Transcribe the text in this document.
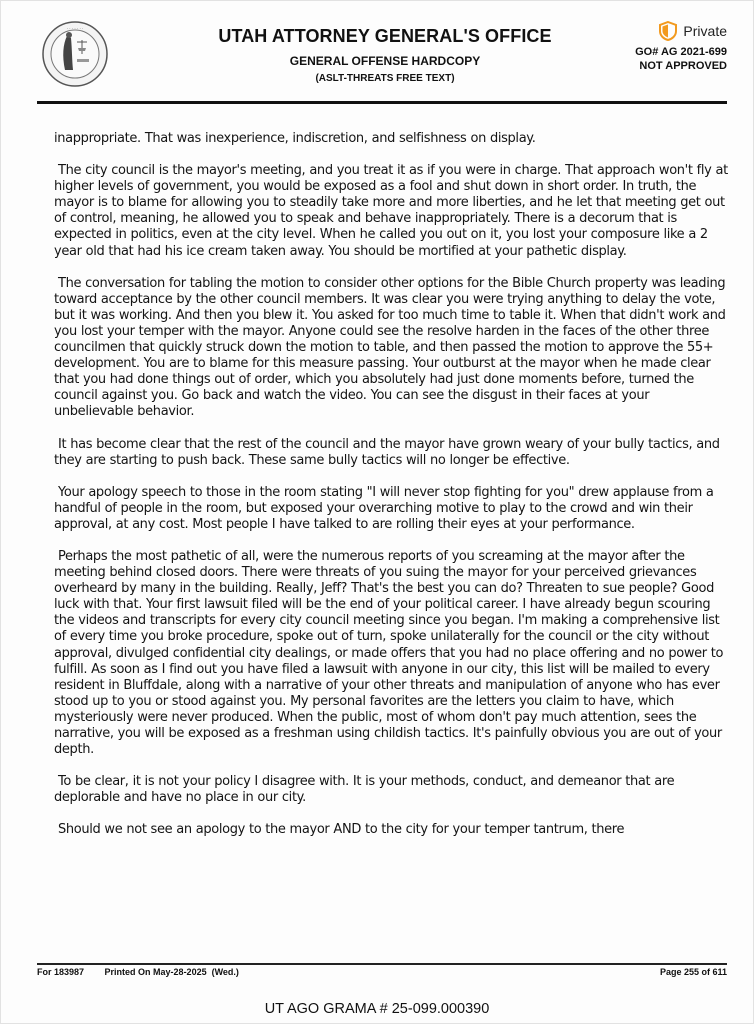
· · · · · · ·	UTAH ATTORNEY GENERAL'S OFFICE
GENERAL OFFENSE HARDCOPY
(ASLT-THREATS FREE TEXT)
Private
GO# AG 2021-699
NOT APPROVED

inappropriate. That was inexperience, indiscretion, and selfishness on display.

The city council is the mayor's meeting, and you treat it as if you were in charge. That approach won't fly at higher levels of government, you would be exposed as a fool and shut down in short order. In truth, the mayor is to blame for allowing you to steadily take more and more liberties, and he let that meeting get out of control, meaning, he allowed you to speak and behave inappropriately. There is a decorum that is expected in politics, even at the city level. When he called you out on it, you lost your composure like a 2 year old that had his ice cream taken away. You should be mortified at your pathetic display.

The conversation for tabling the motion to consider other options for the Bible Church property was leading toward acceptance by the other council members. It was clear you were trying anything to delay the vote, but it was working. And then you blew it. You asked for too much time to table it. When that didn't work and you lost your temper with the mayor. Anyone could see the resolve harden in the faces of the other three councilmen that quickly struck down the motion to table, and then passed the motion to approve the 55+ development. You are to blame for this measure passing. Your outburst at the mayor when he made clear that you had done things out of order, which you absolutely had just done moments before, turned the council against you. Go back and watch the video. You can see the disgust in their faces at your unbelievable behavior.

It has become clear that the rest of the council and the mayor have grown weary of your bully tactics, and they are starting to push back. These same bully tactics will no longer be effective.

Your apology speech to those in the room stating "I will never stop fighting for you" drew applause from a handful of people in the room, but exposed your overarching motive to play to the crowd and win their approval, at any cost. Most people I have talked to are rolling their eyes at your performance.

Perhaps the most pathetic of all, were the numerous reports of you screaming at the mayor after the meeting behind closed doors. There were threats of you suing the mayor for your perceived grievances overheard by many in the building. Really, Jeff? That's the best you can do? Threaten to sue people? Good luck with that. Your first lawsuit filed will be the end of your political career. I have already begun scouring the videos and transcripts for every city council meeting since you began. I'm making a comprehensive list of every time you broke procedure, spoke out of turn, spoke unilaterally for the council or the city without approval, divulged confidential city dealings, or made offers that you had no place offering and no power to fulfill. As soon as I find out you have filed a lawsuit with anyone in our city, this list will be mailed to every resident in Bluffdale, along with a narrative of your other threats and manipulation of anyone who has ever stood up to you or stood against you. My personal favorites are the letters you claim to have, which mysteriously were never produced. When the public, most of whom don't pay much attention, sees the narrative, you will be exposed as a freshman using childish tactics. It's painfully obvious you are out of your depth.

To be clear, it is not your policy I disagree with. It is your methods, conduct, and demeanor that are deplorable and have no place in our city.

Should we not see an apology to the mayor AND to the city for your temper tantrum, there

For 183987 Printed On May-28-2025  (Wed.)	Page 255 of 611
UT AGO GRAMA # 25-099.000390
